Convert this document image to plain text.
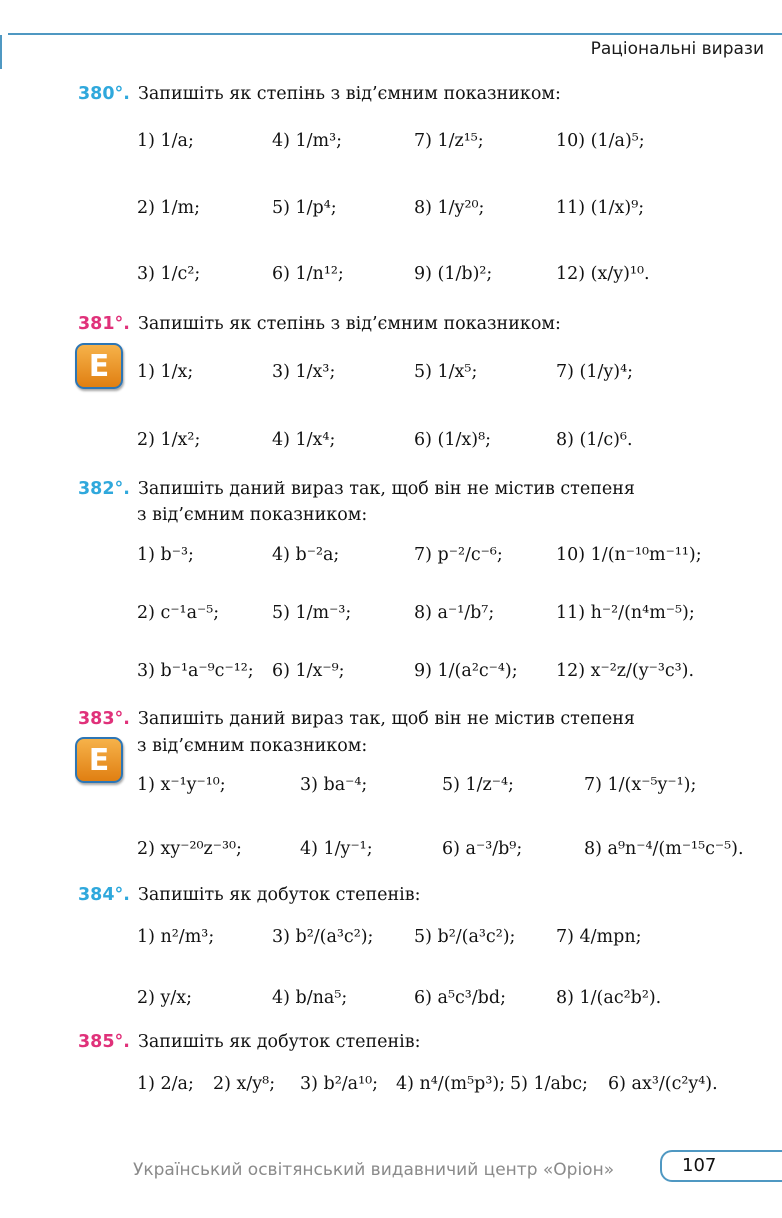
Раціональні вирази
380°. Запишіть як степінь з від’ємним показником:
1) 1/a;	4) 1/m³;	7) 1/z¹⁵;	10) (1/a)⁵;
2) 1/m;	5) 1/p⁴;	8) 1/y²⁰;	11) (1/x)⁹;
3) 1/c²;	6) 1/n¹²;	9) (1/b)²;	12) (x/y)¹⁰.
381°. Запишіть як степінь з від’ємним показником:
E	1) 1/x;	3) 1/x³;	5) 1/x⁵;	7) (1/y)⁴;
2) 1/x²;	4) 1/x⁴;	6) (1/x)⁸;	8) (1/c)⁶.
382°. Запишіть даний вираз так, щоб він не містив степеня
з від’ємним показником:
1) b⁻³;	4) b⁻²a;	7) p⁻²/c⁻⁶;	10) 1/(n⁻¹⁰m⁻¹¹);
2) c⁻¹a⁻⁵;	5) 1/m⁻³;	8) a⁻¹/b⁷;	11) h⁻²/(n⁴m⁻⁵);
3) b⁻¹a⁻⁹c⁻¹²; 6) 1/x⁻⁹;	9) 1/(a²c⁻⁴); 12) x⁻²z/(y⁻³c³).
383°. Запишіть даний вираз так, щоб він не містив степеня
з від’ємним показником:
E
1) x⁻¹y⁻¹⁰;	3) ba⁻⁴;	5) 1/z⁻⁴;	7) 1/(x⁻⁵y⁻¹);
2) xy⁻²⁰z⁻³⁰;	4) 1/y⁻¹;	6) a⁻³/b⁹;	8) a⁹n⁻⁴/(m⁻¹⁵c⁻⁵).
384°. Запишіть як добуток степенів:
1) n²/m³;	3) b²/(a³c²); 5) b²/(a³c²); 7) 4/mpn;
2) y/x;	4) b/na⁵;	6) a⁵c³/bd;	8) 1/(ac²b²).
385°. Запишіть як добуток степенів:
1) 2/a; 2) x/y⁸; 3) b²/a¹⁰; 4) n⁴/(m⁵p³); 5) 1/abc; 6) ax³/(c²y⁴).
Український освітянський видавничий центр «Оріон»	107
